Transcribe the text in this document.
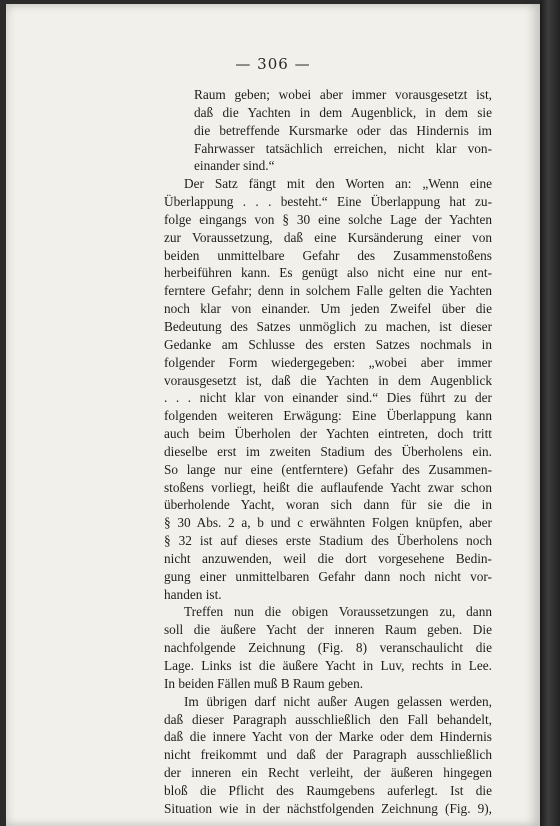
— 306 —
Raum geben; wobei aber immer vorausgesetzt ist,
daß die Yachten in dem Augenblick, in dem sie
die betreffende Kursmarke oder das Hindernis im
Fahrwasser tatsächlich erreichen, nicht klar von-
einander sind.“
Der Satz fängt mit den Worten an: „Wenn eine
Überlappung . . . besteht.“ Eine Überlappung hat zu-
folge eingangs von § 30 eine solche Lage der Yachten
zur Voraussetzung, daß eine Kursänderung einer von
beiden unmittelbare Gefahr des Zusammenstoßens
herbeiführen kann. Es genügt also nicht eine nur ent-
ferntere Gefahr; denn in solchem Falle gelten die Yachten
noch klar von einander. Um jeden Zweifel über die
Bedeutung des Satzes unmöglich zu machen, ist dieser
Gedanke am Schlusse des ersten Satzes nochmals in
folgender Form wiedergegeben: „wobei aber immer
vorausgesetzt ist, daß die Yachten in dem Augenblick
. . . nicht klar von einander sind.“ Dies führt zu der
folgenden weiteren Erwägung: Eine Überlappung kann
auch beim Überholen der Yachten eintreten, doch tritt
dieselbe erst im zweiten Stadium des Überholens ein.
So lange nur eine (entferntere) Gefahr des Zusammen-
stoßens vorliegt, heißt die auflaufende Yacht zwar schon
überholende Yacht, woran sich dann für sie die in
§ 30 Abs. 2 a, b und c erwähnten Folgen knüpfen, aber
§ 32 ist auf dieses erste Stadium des Überholens noch
nicht anzuwenden, weil die dort vorgesehene Bedin-
gung einer unmittelbaren Gefahr dann noch nicht vor-
handen ist.
Treffen nun die obigen Voraussetzungen zu, dann
soll die äußere Yacht der inneren Raum geben. Die
nachfolgende Zeichnung (Fig. 8) veranschaulicht die
Lage. Links ist die äußere Yacht in Luv, rechts in Lee.
In beiden Fällen muß B Raum geben.
Im übrigen darf nicht außer Augen gelassen werden,
daß dieser Paragraph ausschließlich den Fall behandelt,
daß die innere Yacht von der Marke oder dem Hindernis
nicht freikommt und daß der Paragraph ausschließlich
der inneren ein Recht verleiht, der äußeren hingegen
bloß die Pflicht des Raumgebens auferlegt. Ist die
Situation wie in der nächstfolgenden Zeichnung (Fig. 9),
